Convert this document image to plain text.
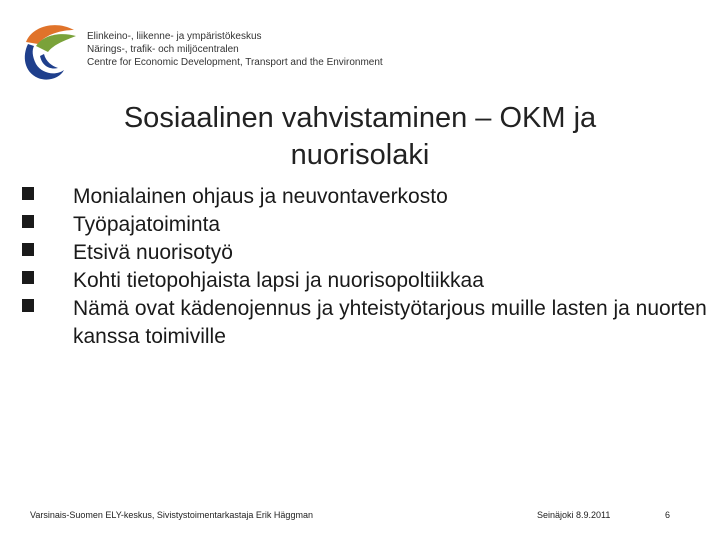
Elinkeino-, liikenne- ja ympäristökeskus
Närings-, trafik- och miljöcentralen
Centre for Economic Development, Transport and the Environment
Sosiaalinen vahvistaminen – OKM ja
nuorisolaki
Monialainen ohjaus ja neuvontaverkosto
Työpajatoiminta
Etsivä nuorisotyö
Kohti tietopohjaista lapsi ja nuorisopoltiikkaa
Nämä ovat kädenojennus ja yhteistyötarjous muille lasten ja nuorten kanssa toimiville
Varsinais-Suomen ELY-keskus, Sivistystoimentarkastaja Erik Häggman	Seinäjoki 8.9.2011	6
